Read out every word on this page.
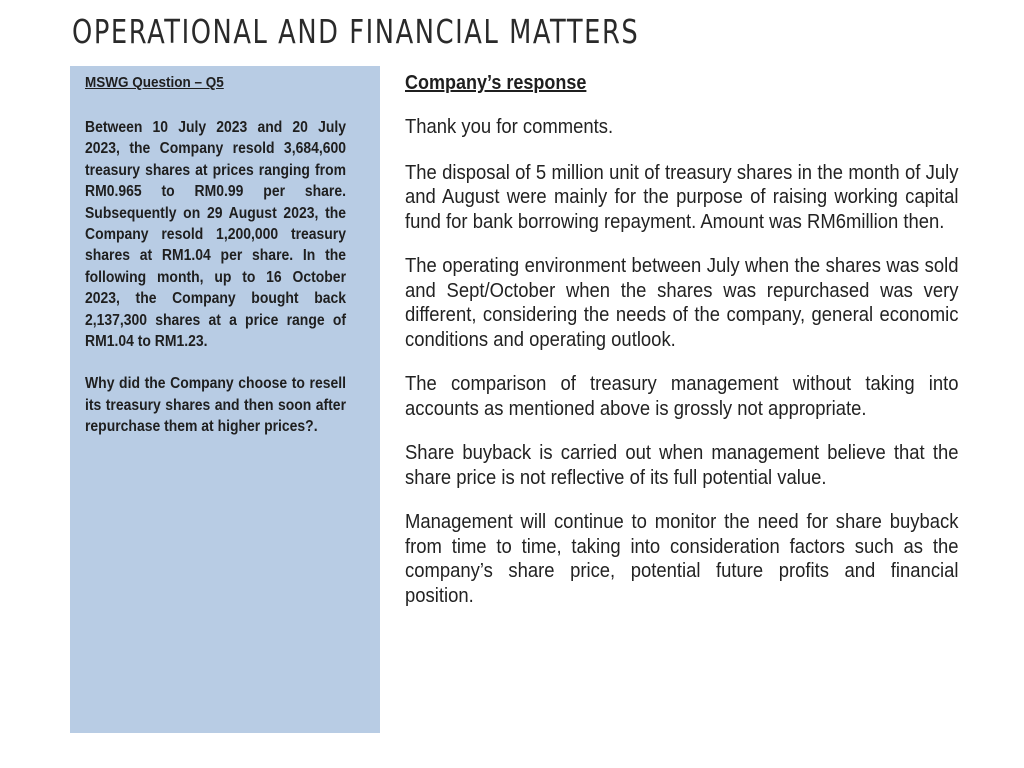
OPERATIONAL AND FINANCIAL MATTERS

MSWG Question – Q5

Between 10 July 2023 and 20 July 2023, the Company resold 3,684,600 treasury shares at prices ranging from RM0.965 to RM0.99 per share. Subsequently on 29 August 2023, the Company resold 1,200,000 treasury shares at RM1.04 per share. In the following month, up to 16 October 2023, the Company bought back 2,137,300 shares at a price range of RM1.04 to RM1.23.

Why did the Company choose to resell its treasury shares and then soon after repurchase them at higher prices?.

Company’s response

Thank you for comments.

The disposal of 5 million unit of treasury shares in the month of July and August were mainly for the purpose of raising working capital fund for bank borrowing repayment. Amount was RM6million then.

The operating environment between July when the shares was sold and Sept/October when the shares was repurchased was very different, considering the needs of the company, general economic conditions and operating outlook.

The comparison of treasury management without taking into accounts as mentioned above is grossly not appropriate.

Share buyback is carried out when management believe that the share price is not reflective of its full potential value.

Management will continue to monitor the need for share buyback from time to time, taking into consideration factors such as the company’s share price, potential future profits and financial position.
